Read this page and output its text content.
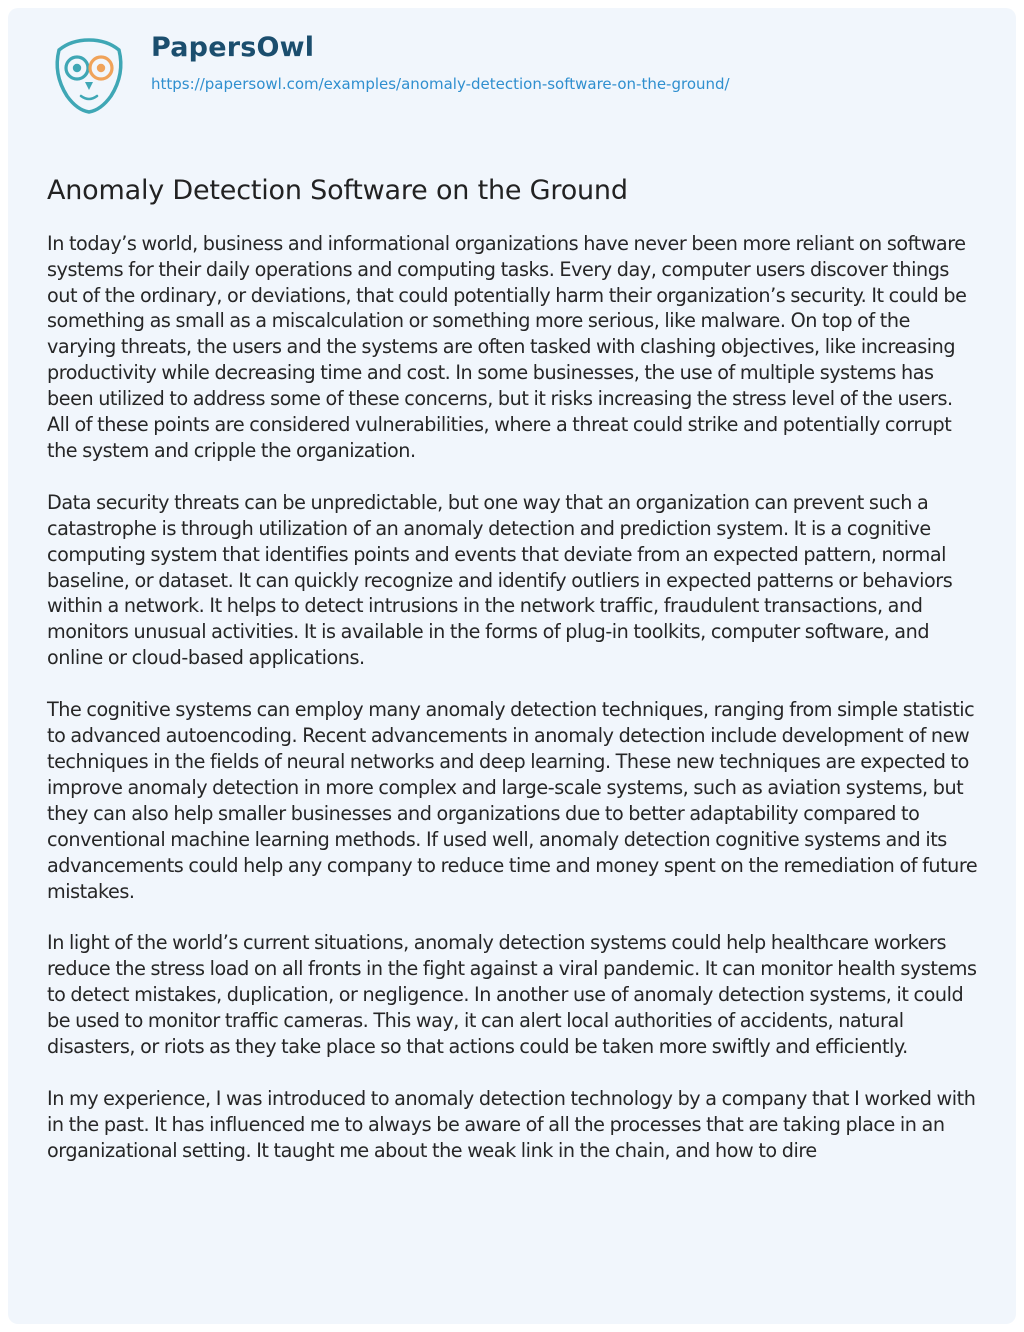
PapersOwl
https://papersowl.com/examples/anomaly-detection-software-on-the-ground/
Anomaly Detection Software on the Ground

In today’s world, business and informational organizations have never been more reliant on software systems for their daily operations and computing tasks. Every day, computer users discover things out of the ordinary, or deviations, that could potentially harm their organization’s security. It could be something as small as a miscalculation or something more serious, like malware. On top of the varying threats, the users and the systems are often tasked with clashing objectives, like increasing productivity while decreasing time and cost. In some businesses, the use of multiple systems has been utilized to address some of these concerns, but it risks increasing the stress level of the users. All of these points are considered vulnerabilities, where a threat could strike and potentially corrupt the system and cripple the organization.

Data security threats can be unpredictable, but one way that an organization can prevent such a catastrophe is through utilization of an anomaly detection and prediction system. It is a cognitive computing system that identifies points and events that deviate from an expected pattern, normal baseline, or dataset. It can quickly recognize and identify outliers in expected patterns or behaviors within a network. It helps to detect intrusions in the network traffic, fraudulent transactions, and monitors unusual activities. It is available in the forms of plug-in toolkits, computer software, and online or cloud-based applications.

The cognitive systems can employ many anomaly detection techniques, ranging from simple statistic to advanced autoencoding. Recent advancements in anomaly detection include development of new techniques in the fields of neural networks and deep learning. These new techniques are expected to improve anomaly detection in more complex and large-scale systems, such as aviation systems, but they can also help smaller businesses and organizations due to better adaptability compared to conventional machine learning methods. If used well, anomaly detection cognitive systems and its advancements could help any company to reduce time and money spent on the remediation of future mistakes.

In light of the world’s current situations, anomaly detection systems could help healthcare workers reduce the stress load on all fronts in the fight against a viral pandemic. It can monitor health systems to detect mistakes, duplication, or negligence. In another use of anomaly detection systems, it could be used to monitor traffic cameras. This way, it can alert local authorities of accidents, natural disasters, or riots as they take place so that actions could be taken more swiftly and efficiently.

In my experience, I was introduced to anomaly detection technology by a company that I worked with in the past. It has influenced me to always be aware of all the processes that are taking place in an organizational setting. It taught me about the weak link in the chain, and how to dire
